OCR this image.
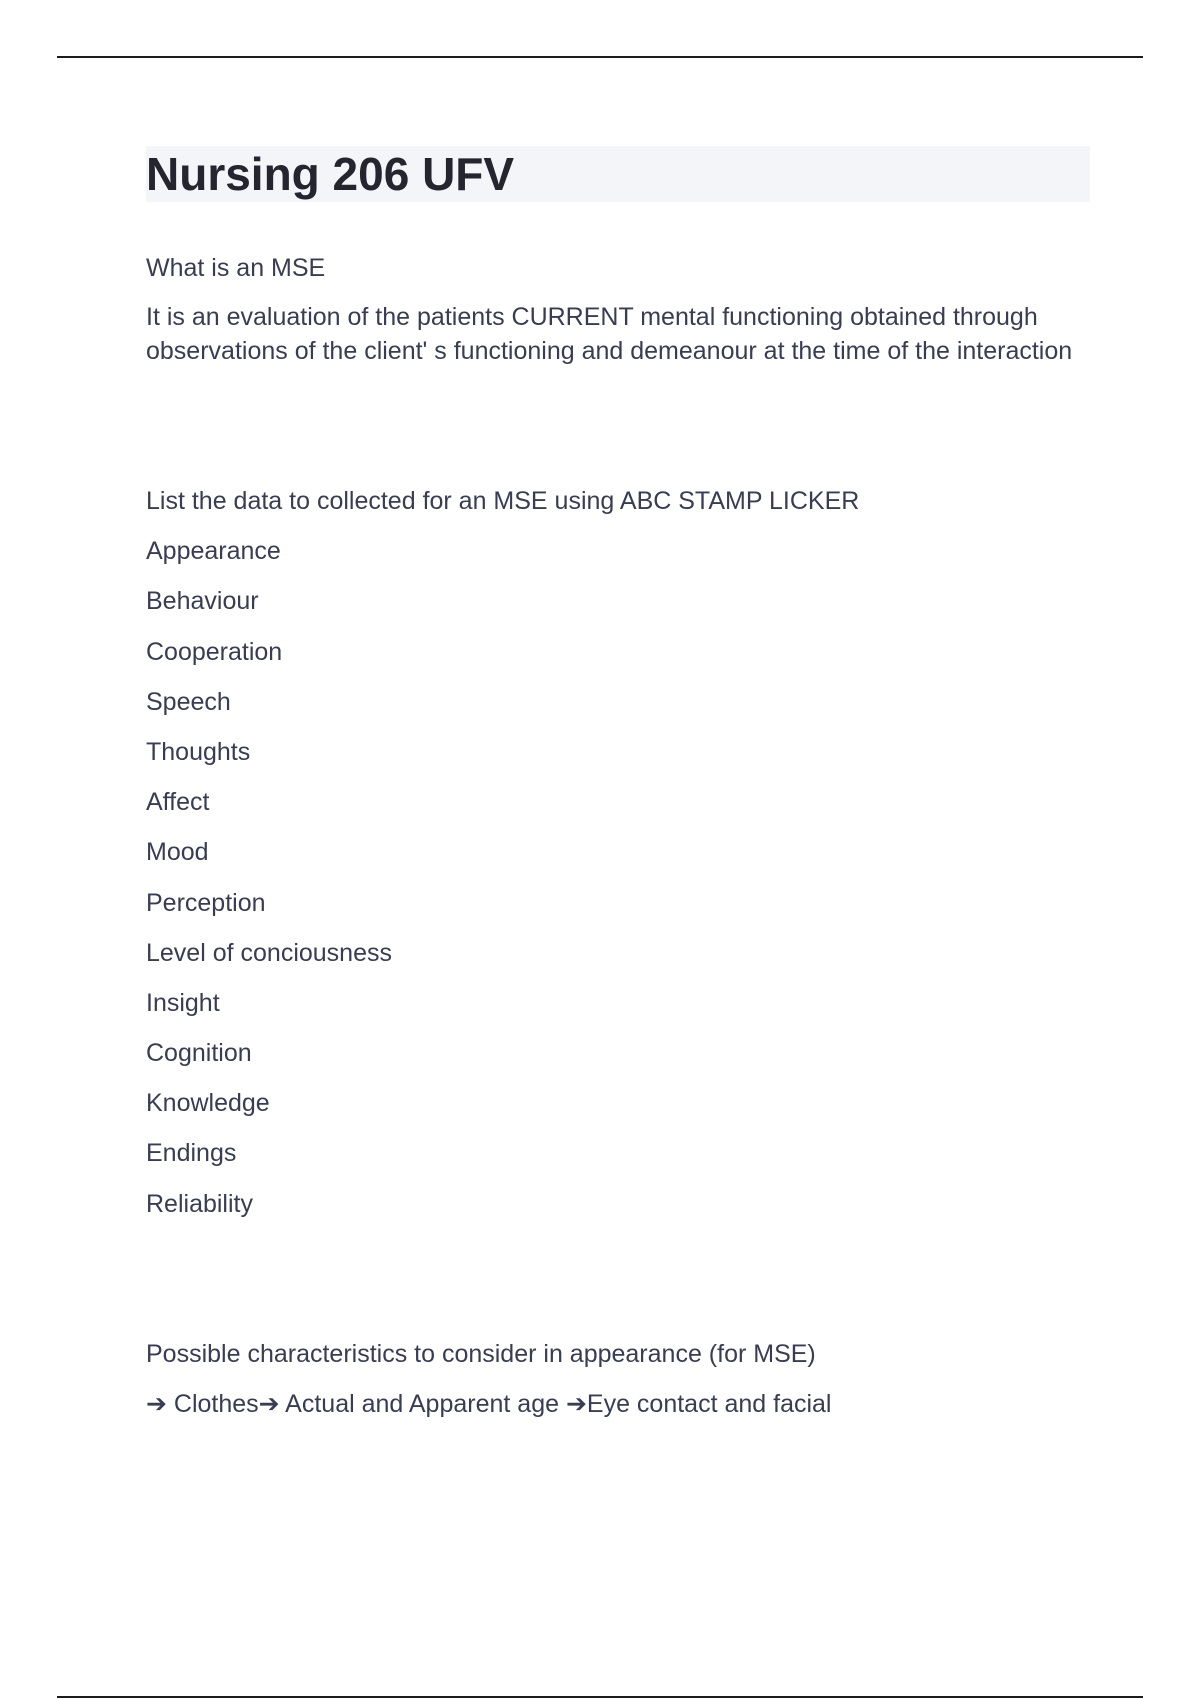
Nursing 206 UFV

What is an MSE

It is an evaluation of the patients CURRENT mental functioning obtained through observations of the client' s functioning and demeanour at the time of the interaction

List the data to collected for an MSE using ABC STAMP LICKER

Appearance
Behaviour
Cooperation
Speech
Thoughts
Affect
Mood
Perception
Level of conciousness
Insight
Cognition
Knowledge
Endings
Reliability

Possible characteristics to consider in appearance (for MSE)

➔ Clothes➔ Actual and Apparent age ➔Eye contact and facial
